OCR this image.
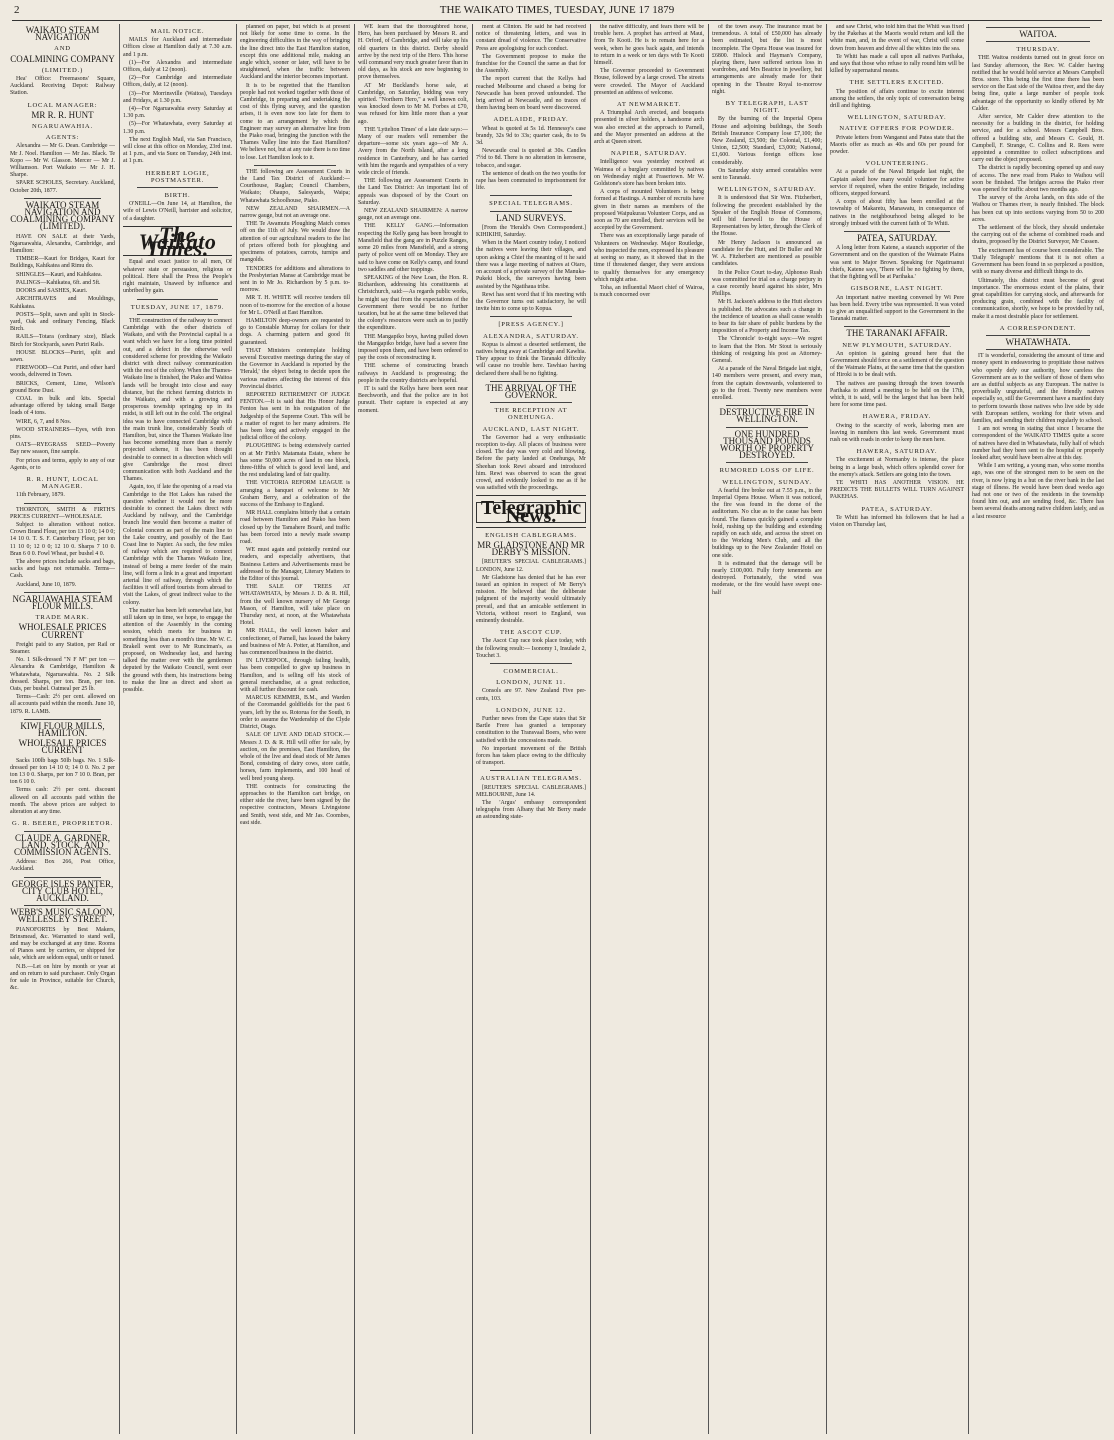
2	THE WAIKATO TIMES, TUESDAY, JUNE 17 1879
WAIKATO STEAM NAVIGATION
AND
COALMINING COMPANY
(LIMITED.)

Hea' Office: Freemasons' Square, Auckland. Receiving Depot: Railway Station.

LOCAL MANAGER:
MR R. R. HUNT
NGARUAWAHIA.
AGENTS:

Alexandra — Mr G. Dean. Cambridge — Mr J. Noel. Hamilton — Mr Jas. Black. Te Kopo — Mr W. Glasson. Mercer — Mr J. Williamson. Port Waikato — Mr J. H. Sharpe.

SPARE SCHOLES, Secretary. Auckland, October 20th, 1877.

WAIKATO STEAM NAVIGATION AND COALMINING COMPANY (LIMITED).

HAVE ON SALE at their Yards, Ngaruawahia, Alexandra, Cambridge, and Hamilton:

TIMBER—Kauri for Bridges, Kauri for Buildings, Kahikatea and Rimu do.

SHINGLES—Kauri, and Kahikatea.

PALINGS—Kahikatea, 6ft. and 5ft.

DOORS and SASHES, Kauri.

ARCHITRAVES and Mouldings, Kahikatea.

POSTS—Split, sawn and split in Stock-yard, Oak and ordinary Fencing, Black Birch.

RAILS—Totara (ordinary size), Black Birch for Stockyards, sawn Puriri Rails.

HOUSE BLOCKS—Puriri, split and sawn.

FIREWOOD—Cut Puriri, and other hard woods, delivered in Town.

BRICKS, Cement, Lime, Wilson's ground Bone Dust.

COAL in bulk and kits. Special advantage offered by taking small Barge loads of 4 tons.

WIRE, 6, 7, and 8 Nos.

WOOD STRAINERS—Eyes, with iron pins.

OATS—RYEGRASS SEED—Poverty Bay new season, fine sample.

For prices and terms, apply to any of our Agents, or to

R. R. HUNT, LOCAL MANAGER.

11th February, 1879.

THORNTON, SMITH & FIRTH'S PRICES CURRENT—WHOLESALE.

Subject to alteration without notice. Crown Brand Flour, per ton 13 10 0; 14 0 0; 14 10 0. T. S. F. Canterbury Flour, per ton 11 10 0; 12 0 0; 12 10 0. Sharps 7 10 0. Bran 6 0 0. Fowl Wheat, per bushel 4 0.

The above prices include sacks and bags, sacks and bags not returnable. Terms—Cash.

Auckland, June 10, 1879.

NGARUAWAHIA STEAM FLOUR MILLS.
TRADE MARK.
WHOLESALE PRICES CURRENT

Freight paid to any Station, per Rail or Steamer.

No. 1 Silk-dressed "N F M" per ton — Alexandra & Cambridge, Hamilton & Whatawhata, Ngaruawahia. No. 2 Silk dressed. Sharps, per ton. Bran, per ton. Oats, per bushel. Oatmeal per 25 lb.

Terms—Cash: 2½ per cent. allowed on all accounts paid within the month. June 10, 1879. R. LAMB.

KIWI FLOUR MILLS, HAMILTON.
WHOLESALE PRICES CURRENT

Sacks 100lb bags 50lb bags. No. 1 Silk-dressed per ton 14 10 0; 14 0 0. No. 2 per ton 13 0 0. Sharps, per ton 7 10 0. Bran, per ton 6 10 0.

Terms cash: 2½ per cent. discount allowed on all accounts paid within the month. The above prices are subject to alteration at any time.

G. R. BEERE, PROPRIETOR.
CLAUDE A. GARDNER, LAND, STOCK, AND COMMISSION AGENTS.

Address: Box 266, Post Office, Auckland.

GEORGE ISLES PANTER, CITY CLUB HOTEL, AUCKLAND.
WEBB'S MUSIC SALOON, WELLESLEY STREET.

PIANOFORTES by Best Makers, Brinsmead, &c. Warranted to stand well, and may be exchanged at any time. Rooms of Pianos sent by carriers, or shipped for sale, which are seldom equal, unfit or tuned.

N.B.—Let on hire by month or year at and on return to said purchaser. Only Organ for sale in Province, suitable for Church, &c.

MAIL NOTICE.

MAILS for Auckland and intermediate Offices close at Hamilton daily at 7.30 a.m. and 1 p.m.

(1)—For Alexandra and intermediate Offices, daily at 12 (noon).

(2)—For Cambridge and intermediate Offices, daily, at 12 (noon).

(3)—For Morrinsville (Waitoa), Tuesdays and Fridays, at 1.30 p.m.

(4)—For Ngaruawahia every Saturday at 1.30 p.m.

(5)—For Whatawhata, every Saturday at 1.30 p.m.

The next English Mail, via San Francisco, will close at this office on Monday, 23rd inst. at 1 p.m., and via Suez on Tuesday, 24th inst. at 1 p.m.

HERBERT LOGIE, POSTMASTER.
BIRTH.

O'NEILL—On June 14, at Hamilton, the wife of Lewis O'Neill, barrister and solicitor, of a daughter.

The Waikato Times.

Equal and exact justice to all men, Of whatever state or persuasion, religious or political. Here shall the Press the People's right maintain, Unawed by influence and unbribed by gain.

TUESDAY, JUNE 17, 1879.

THE construction of the railway to connect Cambridge with the other districts of Waikato, and with the Provincial capital is a want which we have for a long time pointed out, and a defect in the otherwise well considered scheme for providing the Waikato district with direct railway communication with the rest of the colony. When the Thames-Waikato line is finished, the Piako and Waitoa lands will be brought into close and easy distance, but the richest farming districts in the Waikato, and with a growing and prosperous township springing up in its midst, is still left out in the cold. The original idea was to have connected Cambridge with the main trunk line, considerably South of Hamilton, but, since the Thames Waikato line has become something more than a merely projected scheme, it has been thought desirable to connect in a direction which will give Cambridge the most direct communication with both Auckland and the Thames.

Again, too, if late the opening of a road via Cambridge to the Hot Lakes has raised the question whether it would not be more desirable to connect the Lakes direct with Auckland by railway, and the Cambridge branch line would then become a matter of Colonial concern as part of the main line to the Lake country, and possibly of the East Coast line to Napier. As such, the few miles of railway which are required to connect Cambridge with the Thames Waikato line, instead of being a mere feeder of the main line, will form a link in a great and important arterial line of railway, through which the facilities it will afford tourists from abroad to visit the Lakes, of great indirect value to the colony.

The matter has been left somewhat late, but still taken up in time, we hope, to engage the attention of the Assembly in the coming session, which meets for business in something less than a month's time. Mr W. C. Brakell went over to Mr Runciman's, as proposed, on Wednesday last, and having talked the matter over with the gentlemen deputed by the Waikato Council, went over the ground with them, his instructions being to make the line as direct and short as possible.

planned on paper, but which is at present not likely for some time to come. In the engineering difficulties in the way of bringing the line direct into the East Hamilton station, except this one additional mile, making an angle which, sooner or later, will have to be straightened, when the traffic between Auckland and the interior becomes important.

It is to be regretted that the Hamilton people had not worked together with those of Cambridge, in preparing and undertaking the cost of this flying survey, and the question arises, it is even now too late for them to come to an arrangement by which the Engineer may survey an alternative line from the Piako road, bringing the junction with the Thames Valley line into the East Hamilton? We believe not, but at any rate there is no time to lose. Let Hamilton look to it.

THE following are Assessment Courts in the Land Tax District of Auckland:—Courthouse, Raglan; Council Chambers, Waikato; Ohaupo, Salesyards, Waipa; Whatawhata Schoolhouse, Piako.

NEW ZEALAND SHAIRMEN.—A narrow gauge, but not an average one.

THE Te Awamutu Ploughing Match comes off on the 11th of July. We would draw the attention of our agricultural readers to the list of prizes offered both for ploughing and specimens of potatoes, carrots, turnips and mangolds.

TENDERS for additions and alterations to the Presbyterian Manse at Cambridge must be sent in to Mr Jo. Richardson by 5 p.m. to-morrow.

MR T. H. WHITE will receive tenders till noon of to-morrow for the erection of a house for Mr L. O'Neill at East Hamilton.

HAMILTON deep-owners are requested to go to Constable Murray for collars for their dogs. A charming pattern and good fit guaranteed.

THAT Ministers contemplate holding several Executive meetings during the stay of the Governor in Auckland is reported by the 'Herald,' the object being to decide upon the various matters affecting the interest of this Provincial district.

REPORTED RETIREMENT OF JUDGE FENTON.—It is said that His Honor Judge Fenton has sent in his resignation of the Judgeship of the Supreme Court. This will be a matter of regret to her many admirers. He has been long and actively engaged in the judicial office of the colony.

PLOUGHING is being extensively carried on at Mr Firth's Matamata Estate, where he has some 50,000 acres of land in one block, three-fifths of which is good level land, and the rest undulating land of fair quality.

THE VICTORIA REFORM LEAGUE is arranging a banquet of welcome to Mr Graham Berry, and a celebration of the success of the Embassy to England.

MR HALL complains bitterly that a certain road between Hamilton and Piako has been closed up by the Tamahere Board, and traffic has been forced into a newly made swamp road.

WE must again and pointedly remind our readers, and especially advertisers, that Business Letters and Advertisements must be addressed to the Manager, Literary Matters to the Editor of this journal.

THE SALE OF TREES AT WHATAWHATA, by Messrs J. D. & R. Hill, from the well known nursery of Mr George Mason, of Hamilton, will take place on Thursday next, at noon, at the Whatawhata Hotel.

MR HALL, the well known baker and confectioner, of Parnell, has leased the bakery and business of Mr A. Potter, at Hamilton, and has commenced business in the district.

IN LIVERPOOL, through failing health, has been compelled to give up business in Hamilton, and is selling off his stock of general merchandise, at a great reduction, with all further discount for cash.

MARCUS KEMMER, B.M., and Warden of the Coromandel goldfields for the past 6 years, left by the ss. Rotorua for the South, in order to assume the Wardenship of the Clyde District, Otago.

SALE OF LIVE AND DEAD STOCK.—Messrs J. D. & R. Hill will offer for sale, by auction, on the premises, East Hamilton, the whole of the live and dead stock of Mr James Bond, consisting of dairy cows, store cattle, horses, farm implements, and 100 head of well bred young sheep.

THE contracts for constructing the approaches to the Hamilton cart bridge, on either side the river, have been signed by the respective contractors, Messrs Livingstone and Smith, west side, and Mr Jas. Coombes, east side.

WE learn that the thoroughbred horse, Hero, has been purchased by Messrs R. and H. Orford, of Cambridge, and will take up his old quarters in this district. Derby should arrive by the next trip of the Hero. This horse will command very much greater favor than in old days, as his stock are now beginning to prove themselves.

AT Mr Buckland's horse sale, at Cambridge, on Saturday, bidding was very spirited. "Northern Hero," a well known colt, was knocked down to Mr M. Forbes at £70, was refused for him little more than a year ago.

THE 'Lyttelton Times' of a late date says:—Many of our readers will remember the departure—some six years ago—of Mr A. Avery from the North Island, after a long residence in Canterbury, and he has carried with him the regards and sympathies of a very wide circle of friends.

THE following are Assessment Courts in the Land Tax District: An important list of appeals was disposed of by the Court on Saturday.

NEW ZEALAND SHAIRMEN: A narrow gauge, not an average one.

THE KELLY GANG.—Information respecting the Kelly gang has been brought to Mansfield that the gang are in Puzzle Ranges, some 20 miles from Mansfield, and a strong party of police went off on Monday. They are said to have come on Kelly's camp, and found two saddles and other trappings.

SPEAKING of the New Loan, the Hon. R. Richardson, addressing his constituents at Christchurch, said:—As regards public works, he might say that from the expectations of the Government there would be no further taxation, but he at the same time believed that the colony's resources were such as to justify the expenditure.

THE Mangapiko boys, having pulled down the Mangapiko bridge, have had a severe fine imposed upon them, and have been ordered to pay the costs of reconstructing it.

THE scheme of constructing branch railways in Auckland is progressing; the people in the country districts are hopeful.

IT is said the Kellys have been seen near Beechworth, and that the police are in hot pursuit. Their capture is expected at any moment.

ment at Clinton. He said he had received notice of threatening letters, and was in constant dread of violence. The Conservative Press are apologising for such conduct.

The Government propose to make the franchise for the Council the same as that for the Assembly.

The report current that the Kellys had reached Melbourne and chased a being for Newcastle has been proved unfounded. The brig arrived at Newcastle, and no traces of them having been on board were discovered.

ADELAIDE, FRIDAY.

Wheat is quoted at 5s 1d. Hennessy's case brandy, 32s 9d to 33s; quarter cask, 8s to 9s 3d.

Newcastle coal is quoted at 30s. Candles 7½d to 8d. There is no alteration in kerosene, tobacco, and sugar.

The sentence of death on the two youths for rape has been commuted to imprisonment for life.

SPECIAL TELEGRAMS.
LAND SURVEYS.

[From the 'Herald's Own Correspondent.] KIHIKIHI, Saturday.

When in the Maori country today, I noticed the natives were leaving their villages, and upon asking a Chief the meaning of it he said there was a large meeting of natives at Otaro, on account of a private survey of the Manuka-Pukeki block, the surveyors having been assisted by the Ngatihaua tribe.

Rewi has sent word that if his meeting with the Governor turns out satisfactory, he will invite him to come up to Kopua.

[PRESS AGENCY.]
ALEXANDRA, SATURDAY.

Kopua is almost a deserted settlement, the natives being away at Cambridge and Kawhia. They appear to think the Taranaki difficulty will cause no trouble here. Tawhiao having declared there shall be no fighting.

THE ARRIVAL OF THE GOVERNOR.
THE RECEPTION AT ONEHUNGA.
AUCKLAND, LAST NIGHT.

The Governor had a very enthusiastic reception to-day. All places of business were closed. The day was very cold and blowing. Before the party landed at Onehunga, Mr Sheehan took Rewi aboard and introduced him. Rewi was observed to scan the great crowd, and evidently looked to me as if he was satisfied with the proceedings.

Telegraphic News.
ENGLISH CABLEGRAMS.
MR GLADSTONE AND MR DERBY'S MISSION.

[REUTER'S SPECIAL CABLEGRAMS.] LONDON, June 12.

Mr Gladstone has denied that he has ever issued an opinion in respect of Mr Berry's mission. He believed that the deliberate judgment of the majority would ultimately prevail, and that an amicable settlement in Victoria, without resort to England, was eminently desirable.

THE ASCOT CUP.

The Ascot Cup race took place today, with the following result:— Isonomy 1, Insulade 2, Touchet 3.

COMMERCIAL.
LONDON, JUNE 11.

Consols are 97. New Zealand Five per-cents, 103.

LONDON, JUNE 12.

Further news from the Cape states that Sir Bartle Frere has granted a temporary constitution to the Transvaal Boers, who were satisfied with the concessions made.

No important movement of the British forces has taken place owing to the difficulty of transport.

AUSTRALIAN TELEGRAMS.

[REUTER'S SPECIAL CABLEGRAMS.] MELBOURNE, June 14.

The 'Argus' embassy correspondent telegraphs from Albany that Mr Berry made an astounding state-

the native difficulty, and fears there will be trouble here. A prophet has arrived at Maui, from Te Kooti. He is to remain here for a week, when he goes back again, and intends to return in a week or ten days with Te Kooti himself.

The Governor proceeded to Government House, followed by a large crowd. The streets were crowded. The Mayor of Auckland presented an address of welcome.

AT NEWMARKET.

A Triumphal Arch erected, and bouquets presented in silver holders, a handsome arch was also erected at the approach to Parnell, and the Mayor presented an address at the arch at Queen street.

NAPIER, SATURDAY.

Intelligence was yesterday received at Waimea of a burglary committed by natives on Wednesday night at Frasertown. Mr W. Goldstone's store has been broken into.

A corps of mounted Volunteers is being formed at Hastings. A number of recruits have given in their names as members of the proposed Waipukurau Volunteer Corps, and as soon as 70 are enrolled, their services will be accepted by the Government.

There was an exceptionally large parade of Volunteers on Wednesday. Major Routledge, who inspected the men, expressed his pleasure at seeing so many, as it showed that in the time if threatened danger, they were anxious to qualify themselves for any emergency which might arise.

Toha, an influential Maori chief of Wairoa, is much concerned over

of the town away. The insurance must be tremendous. A total of £50,000 has already been estimated, but the list is most incomplete. The Opera House was insured for £6800. Hislock and Hayman's Company, playing there, have suffered serious loss in wardrobes, and Mrs Beatrice in jewellery, but arrangements are already made for their opening in the Theatre Royal to-morrow night.

BY TELEGRAPH, LAST NIGHT.

By the burning of the Imperial Opera House and adjoining buildings, the South British Insurance Company lose £7,100; the New Zealand, £3,500; the Colonial, £1,400; Union, £2,500; Standard, £3,000; National, £1,600. Various foreign offices lose considerably.

On Saturday sixty armed constables were sent to Taranaki.

WELLINGTON, SATURDAY.

It is understood that Sir Wm. Fitzherbert, following the precedent established by the Speaker of the English House of Commons, will bid farewell to the House of Representatives by letter, through the Clerk of the House.

Mr Henry Jackson is announced as candidate for the Hutt, and Dr Buller and Mr W. A. Fitzherbert are mentioned as possible candidates.

In the Police Court to-day, Alphonso Rush was committed for trial on a charge perjury in a case recently heard against his sister, Mrs Phillips.

Mr H. Jackson's address to the Hutt electors is published. He advocates such a change in the incidence of taxation as shall cause wealth to bear its fair share of public burdens by the imposition of a Property and Income Tax.

The 'Chronicle' to-night says:—We regret to learn that the Hon. Mr Stout is seriously thinking of resigning his post as Attorney-General.

At a parade of the Naval Brigade last night, 140 members were present, and every man, from the captain downwards, volunteered to go to the front. Twenty new members were enrolled.

DESTRUCTIVE FIRE IN WELLINGTON.
ONE HUNDRED THOUSAND POUNDS WORTH OF PROPERTY DESTROYED.
RUMORED LOSS OF LIFE.
WELLINGTON, SUNDAY.

A fearful fire broke out at 7.55 p.m., in the Imperial Opera House. When it was noticed, the fire was found in the dome of the auditorium. No clue as to the cause has been found. The flames quickly gained a complete hold, rushing up the building and extending rapidly on each side, and across the street on to the Working Men's Club, and all the buildings up to the New Zealander Hotel on one side.

It is estimated that the damage will be nearly £100,000. Fully forty tenements are destroyed. Fortunately, the wind was moderate, or the fire would have swept one-half

and saw Christ, who told him that the Whiti was fixed by the Pakehas at the Maoris would return and kill the white man, and, in the event of war, Christ will come down from heaven and drive all the whites into the sea.

Te Whiti has made a call upon all natives Parihaka, and says that those who refuse to rally round him will be killed by supernatural means.

THE SETTLERS EXCITED.

The position of affairs continue to excite interest among the settlers, the only topic of conversation being drill and fighting.

WELLINGTON, SATURDAY.
NATIVE OFFERS FOR POWDER.

Private letters from Wanganui and Patea state that the Maoris offer as much as 40s and 60s per pound for powder.

VOLUNTEERING.

At a parade of the Naval Brigade last night, the Captain asked how many would volunteer for active service if required, when the entire Brigade, including officers, stepped forward.

A corps of about fifty has been enrolled at the township of Makaretu, Manawatu, in consequence of natives in the neighbourhood being alleged to be strongly imbued with the current faith of Te Whiti.

PATEA, SATURDAY.

A long letter from Katene, a staunch supporter of the Government and on the question of the Waimate Plains was sent to Major Brown. Speaking for Ngatiruanui chiefs, Katene says, 'There will be no fighting by them, that the fighting will be at Parihaka.'

GISBORNE, LAST NIGHT.

An important native meeting convened by Wi Pere has been held. Every tribe was represented. It was voted to give an unqualified support to the Government in the Taranaki matter.

THE TARANAKI AFFAIR.
NEW PLYMOUTH, SATURDAY.

An opinion is gaining ground here that the Government should force on a settlement of the question of the Waimate Plains, at the same time that the question of Hiroki is to be dealt with.

The natives are passing through the town towards Parihaka to attend a meeting to be held on the 17th, which, it is said, will be the largest that has been held here for some time past.

HAWERA, FRIDAY.

Owing to the scarcity of work, laboring men are leaving in numbers this last week. Government must rush on with roads in order to keep the men here.

HAWERA, SATURDAY.

The excitement at Normanby is intense, the place being in a large bush, which offers splendid cover for the enemy's attack. Settlers are going into the town.

TE WHITI HAS ANOTHER VISION. HE PREDICTS THE BULLETS WILL TURN AGAINST PAKEHAS.

PATEA, SATURDAY.

Te Whiti has informed his followers that he had a vision on Thursday last,

WAITOA.
THURSDAY.

THE Waitoa residents turned out in great force on last Sunday afternoon, the Rev. W. Calder having notified that he would hold service at Messrs Campbell Bros. store. This being the first time there has been service on the East side of the Waitoa river, and the day being fine, quite a large number of people took advantage of the opportunity so kindly offered by Mr Calder.

After service, Mr Calder drew attention to the necessity for a building in the district, for holding service, and for a school. Messrs Campbell Bros. offered a building site, and Messrs C. Gould, H. Campbell, F. Strange, C. Collins and R. Rees were appointed a committee to collect subscriptions and carry out the object proposed.

The district is rapidly becoming opened up and easy of access. The new road from Piako to Waihou will soon be finished. The bridges across the Piako river was opened for traffic about two months ago.

The survey of the Aroha lands, on this side of the Waihou or Thames river, is nearly finished. The block has been cut up into sections varying from 50 to 200 acres.

The settlement of the block, they should undertake the carrying out of the scheme of combined roads and drains, proposed by the District Surveyor, Mr Cussen.

The excitement has of course been considerable. The 'Daily Telegraph' mentions that it is not often a Government has been found in so perplexed a position, with so many diverse and difficult things to do.

Ultimately, this district must become of great importance. The enormous extent of the plains, their great capabilities for carrying stock, and afterwards for producing grain, combined with the facility of communication, shortly, we hope to be provided by rail, make it a most desirable place for settlement.

A CORRESPONDENT.
WHATAWHATA.

IT is wonderful, considering the amount of time and money spent in endeavoring to propitiate those natives who openly defy our authority, how careless the Government are as to the welfare of those of them who are as dutiful subjects as any European. The native is proverbially ungrateful, and the friendly natives especially so, still the Government have a manifest duty to perform towards those natives who live side by side with European settlers, working for their wives and families, and sending their children regularly to school.

I am not wrong in stating that since I became the correspondent of the WAIKATO TIMES quite a score of natives have died in Whatawhata, fully half of which number had they been sent to the hospital or properly looked after, would have been alive at this day.

While I am writing, a young man, who some months ago, was one of the strongest men to be seen on the river, is now lying in a hut on the river bank in the last stage of illness. He would have been dead weeks ago had not one or two of the residents in the township found him out, and are sending food, &c. There has been several deaths among native children lately, and as a last resource
